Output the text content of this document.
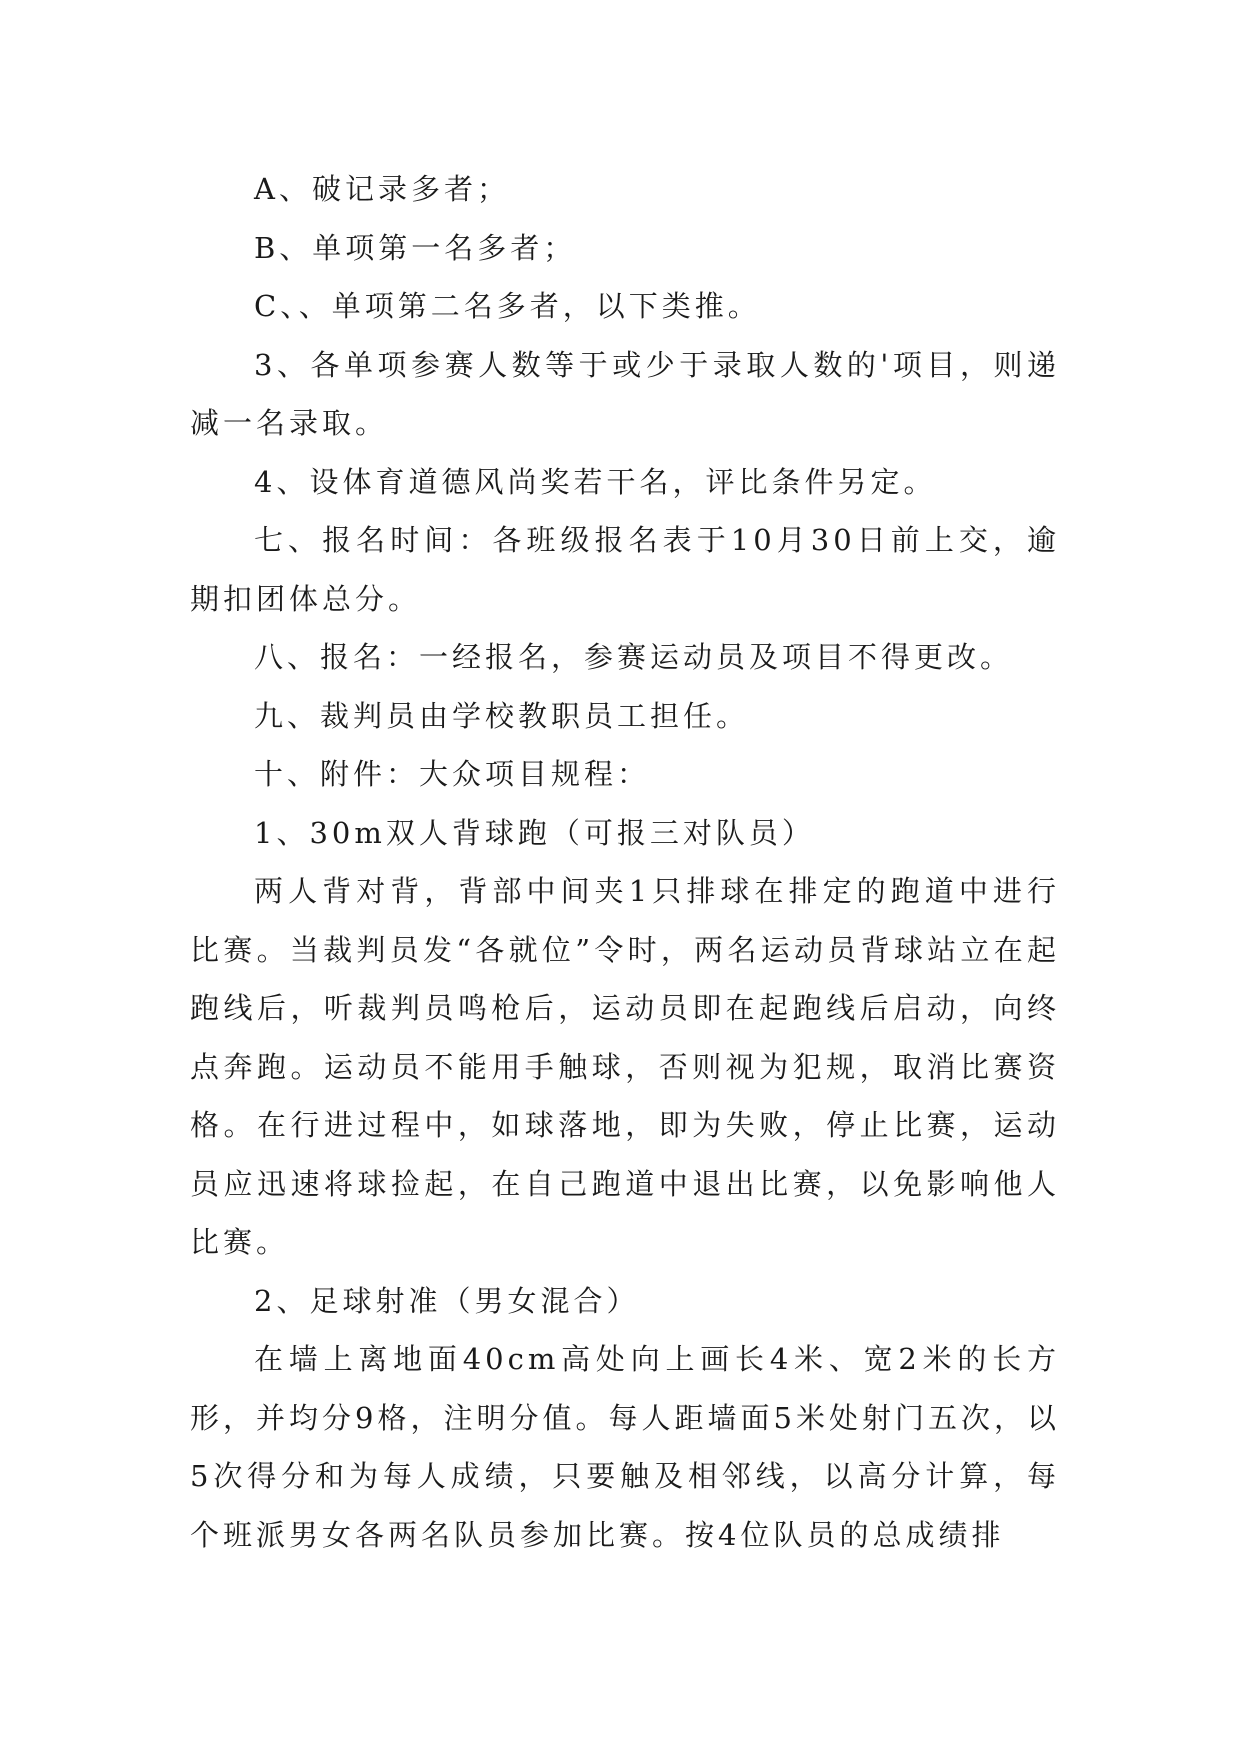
A、破记录多者；

B、单项第一名多者；

C、、单项第二名多者，以下类推。

3、各单项参赛人数等于或少于录取人数的'项目，则递减一名录取。

4、设体育道德风尚奖若干名，评比条件另定。

七、报名时间：各班级报名表于10月30日前上交，逾期扣团体总分。

八、报名：一经报名，参赛运动员及项目不得更改。

九、裁判员由学校教职员工担任。

十、附件：大众项目规程：

1、30m双人背球跑（可报三对队员）

两人背对背，背部中间夹1只排球在排定的跑道中进行比赛。当裁判员发“各就位”令时，两名运动员背球站立在起跑线后，听裁判员鸣枪后，运动员即在起跑线后启动，向终点奔跑。运动员不能用手触球，否则视为犯规，取消比赛资格。在行进过程中，如球落地，即为失败，停止比赛，运动员应迅速将球捡起，在自己跑道中退出比赛，以免影响他人比赛。

2、足球射准（男女混合）

在墙上离地面40cm高处向上画长4米、宽2米的长方形，并均分9格，注明分值。每人距墙面5米处射门五次，以5次得分和为每人成绩，只要触及相邻线，以高分计算，每个班派男女各两名队员参加比赛。按4位队员的总成绩排
